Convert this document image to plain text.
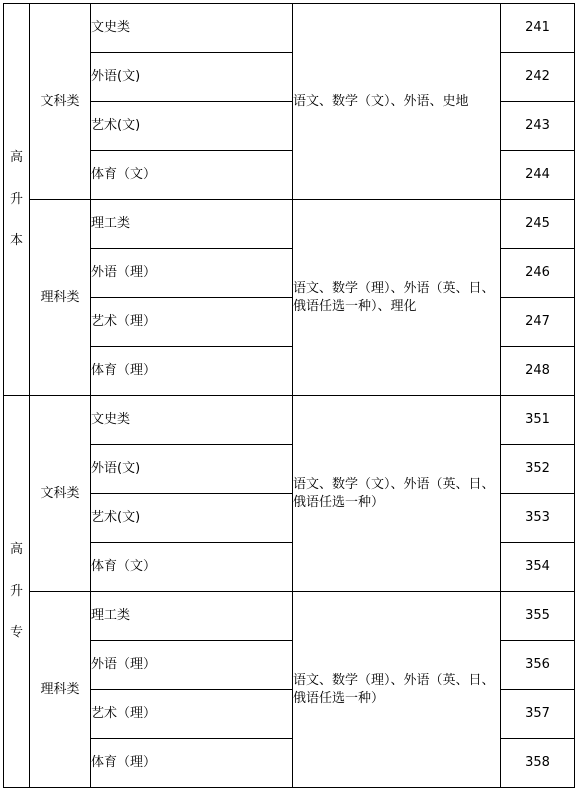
高
升
本	文科类	文史类	语文、数学（文）、外语、史地	241
		外语(文)		242
		艺术(文)		243
		体育（文）		244
	理科类	理工类	语文、数学（理）、外语（英、日、俄语任选一种）、理化	245
		外语（理）		246
		艺术（理）		247
		体育（理）		248

高
升
专	文科类	文史类	语文、数学（文）、外语（英、日、俄语任选一种）	351
		外语(文)		352
		艺术(文)		353
		体育（文）		354
	理科类	理工类	语文、数学（理）、外语（英、日、俄语任选一种）	355
		外语（理）		356
		艺术（理）		357
		体育（理）		358
